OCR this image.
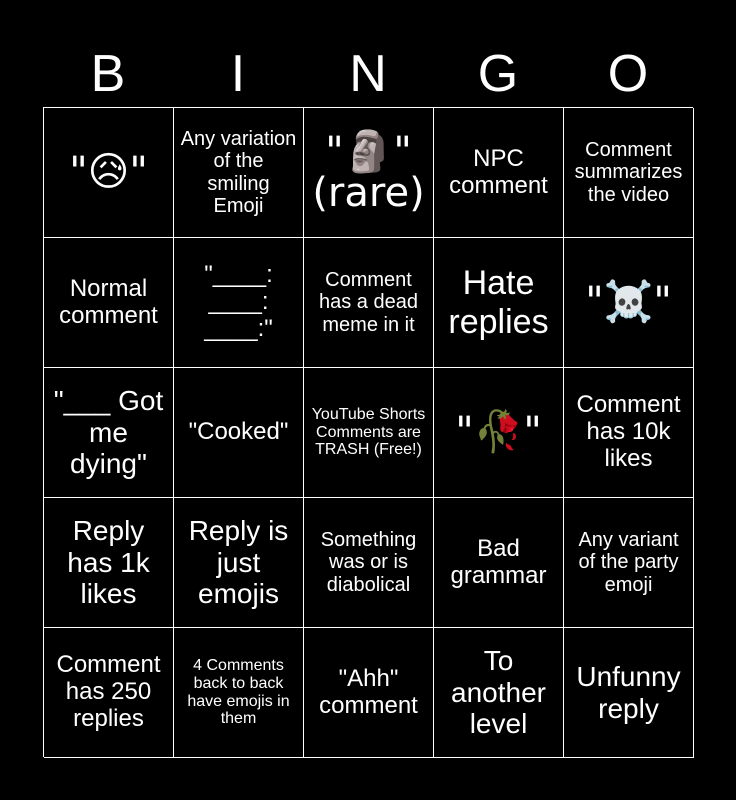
B	I	N	G	O
"😥"
Any variation of the smiling Emoji
"🗿" (rare)
NPC comment
Comment summarizes the video
Normal comment
"____: ____: ____:"
Comment has a dead meme in it
Hate replies "☠️"
"___ Got me dying"
"Cooked"
YouTube Shorts Comments are TRASH (Free!) "🥀"
Comment has 10k likes
Reply has 1k likes
Reply is just emojis
Something was or is diabolical
Bad grammar
Any variant of the party emoji
Comment has 250 replies
4 Comments back to back have emojis in them
"Ahh" comment
To another level
Unfunny reply
